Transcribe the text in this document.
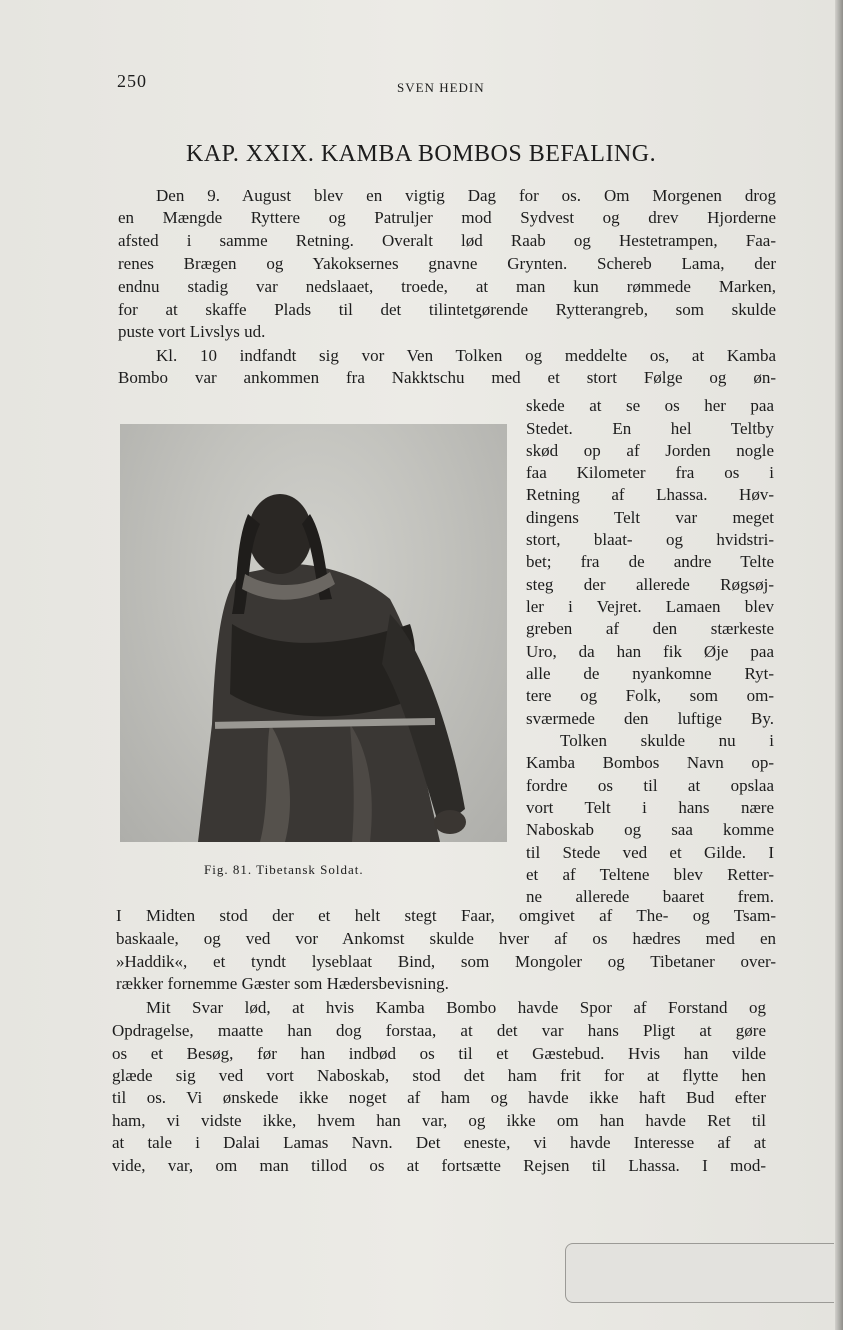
250	SVEN HEDIN
KAP. XXIX. KAMBA BOMBOS BEFALING.
Den 9. August blev en vigtig Dag for os. Om Morgenen drog
en Mængde Ryttere og Patruljer mod Sydvest og drev Hjorderne
afsted i samme Retning. Overalt lød Raab og Hestetrampen, Faa-
renes Brægen og Yakoksernes gnavne Grynten. Schereb Lama, der
endnu stadig var nedslaaet, troede, at man kun rømmede Marken,
for at skaffe Plads til det tilintetgørende Rytterangreb, som skulde
puste vort Livslys ud.
Kl. 10 indfandt sig vor Ven Tolken og meddelte os, at Kamba
Bombo var ankommen fra Nakktschu med et stort Følge og øn-
skede at se os her paa
Stedet. En hel Teltby
skød op af Jorden nogle
faa Kilometer fra os i
Retning af Lhassa. Høv-
dingens Telt var meget
stort, blaat- og hvidstri-
bet; fra de andre Telte
steg der allerede Røgsøj-
ler i Vejret. Lamaen blev
greben af den stærkeste
Uro, da han fik Øje paa
alle de nyankomne Ryt-
tere og Folk, som om-
sværmede den luftige By.
Tolken skulde nu i
Kamba Bombos Navn op-
fordre os til at opslaa
vort Telt i hans nære
Naboskab og saa komme
til Stede ved et Gilde. I
et af Teltene blev Retter-
ne allerede baaret frem.
I Midten stod der et helt stegt Faar, omgivet af The- og Tsam-
baskaale, og ved vor Ankomst skulde hver af os hædres med en
»Haddik«, et tyndt lyseblaat Bind, som Mongoler og Tibetaner over-
rækker fornemme Gæster som Hædersbevisning.
Mit Svar lød, at hvis Kamba Bombo havde Spor af Forstand og
Opdragelse, maatte han dog forstaa, at det var hans Pligt at gøre
os et Besøg, før han indbød os til et Gæstebud. Hvis han vilde
glæde sig ved vort Naboskab, stod det ham frit for at flytte hen
til os. Vi ønskede ikke noget af ham og havde ikke haft Bud efter
ham, vi vidste ikke, hvem han var, og ikke om han havde Ret til
at tale i Dalai Lamas Navn. Det eneste, vi havde Interesse af at
vide, var, om man tillod os at fortsætte Rejsen til Lhassa. I mod-
Fig. 81. Tibetansk Soldat.
